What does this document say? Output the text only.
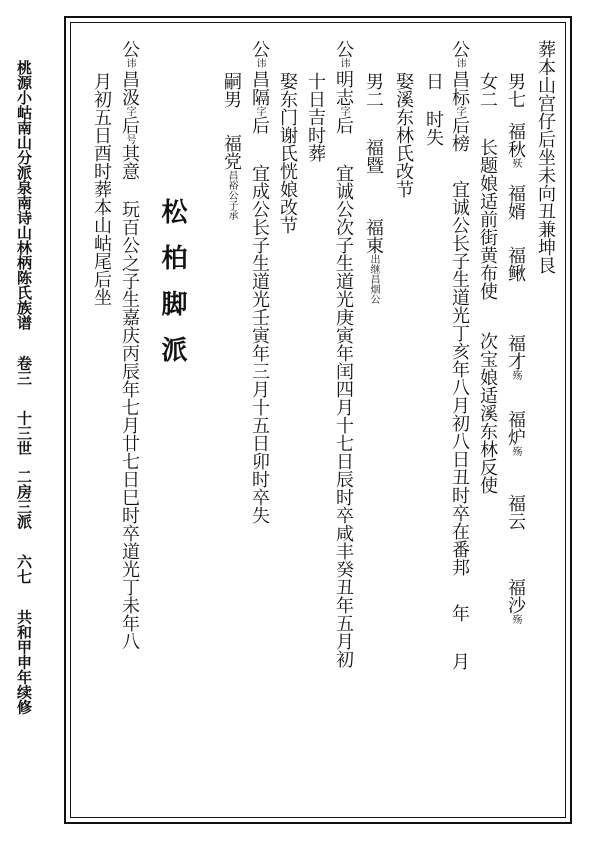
桃源小岵南山分派泉南诗山林柄陈氏族谱 卷三 十三世 二房三派 六七 共和甲申年续修
葬本山宫仔后坐未向丑兼坤艮
男七福秋殀福婿福鳅福才殇福炉殇福云福沙殇
女二长题娘适前街黄布使次宝娘适溪东林反使
公讳昌标字后榜宜诚公长子生道光丁亥年八月初八日丑时卒在番邦年月
日时失
娶溪东林氏改节
男二福暨福東出继昌烟公
公讳明志字后宜诚公次子生道光庚寅年闰四月十七日辰时卒咸丰癸丑年五月初
十日吉时葬
娶东门谢氏恍娘改节
公讳昌隔字后宜成公长子生道光壬寅年三月十五日卯时卒失
嗣男福党昌裕公子承
松柏脚派
公讳昌汲字后号其意玩百公之子生嘉庆丙辰年七月廿七日巳时卒道光丁未年八
月初五日酉时葬本山岵尾后坐
